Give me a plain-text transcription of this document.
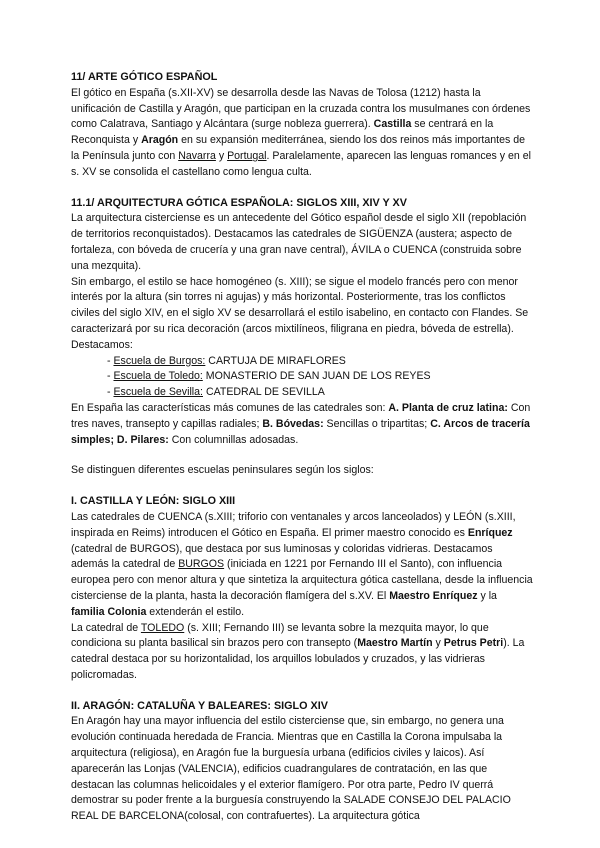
11/ ARTE GÓTICO ESPAÑOL

El gótico en España (s.XII-XV) se desarrolla desde las Navas de Tolosa (1212) hasta la unificación de Castilla y Aragón, que participan en la cruzada contra los musulmanes con órdenes como Calatrava, Santiago y Alcántara (surge nobleza guerrera). Castilla se centrará en la Reconquista y Aragón en su expansión mediterránea, siendo los dos reinos más importantes de la Península junto con Navarra y Portugal. Paralelamente, aparecen las lenguas romances y en el s. XV se consolida el castellano como lengua culta.

11.1/ ARQUITECTURA GÓTICA ESPAÑOLA: SIGLOS XIII, XIV Y XV

La arquitectura cisterciense es un antecedente del Gótico español desde el siglo XII (repoblación de territorios reconquistados). Destacamos las catedrales de SIGÜENZA (austera; aspecto de fortaleza, con bóveda de crucería y una gran nave central), ÁVILA o CUENCA (construida sobre una mezquita).

Sin embargo, el estilo se hace homogéneo (s. XIII); se sigue el modelo francés pero con menor interés por la altura (sin torres ni agujas) y más horizontal. Posteriormente, tras los conflictos civiles del siglo XIV, en el siglo XV se desarrollará el estilo isabelino, en contacto con Flandes. Se caracterizará por su rica decoración (arcos mixtilíneos, filigrana en piedra, bóveda de estrella). Destacamos:

- Escuela de Burgos: CARTUJA DE MIRAFLORES
- Escuela de Toledo: MONASTERIO DE SAN JUAN DE LOS REYES
- Escuela de Sevilla: CATEDRAL DE SEVILLA

En España las características más comunes de las catedrales son: A. Planta de cruz latina: Con tres naves, transepto y capillas radiales; B. Bóvedas: Sencillas o tripartitas; C. Arcos de tracería simples; D. Pilares: Con columnillas adosadas.

Se distinguen diferentes escuelas peninsulares según los siglos:

I. CASTILLA Y LEÓN: SIGLO XIII

Las catedrales de CUENCA (s.XIII; triforio con ventanales y arcos lanceolados) y LEÓN (s.XIII, inspirada en Reims) introducen el Gótico en España. El primer maestro conocido es Enríquez (catedral de BURGOS), que destaca por sus luminosas y coloridas vidrieras. Destacamos además la catedral de BURGOS (iniciada en 1221 por Fernando III el Santo), con influencia europea pero con menor altura y que sintetiza la arquitectura gótica castellana, desde la influencia cisterciense de la planta, hasta la decoración flamígera del s.XV. El Maestro Enríquez y la familia Colonia extenderán el estilo.

La catedral de TOLEDO (s. XIII; Fernando III) se levanta sobre la mezquita mayor, lo que condiciona su planta basilical sin brazos pero con transepto (Maestro Martín y Petrus Petri). La catedral destaca por su horizontalidad, los arquillos lobulados y cruzados, y las vidrieras policromadas.

II. ARAGÓN: CATALUÑA Y BALEARES: SIGLO XIV

En Aragón hay una mayor influencia del estilo cisterciense que, sin embargo, no genera una evolución continuada heredada de Francia. Mientras que en Castilla la Corona impulsaba la arquitectura (religiosa), en Aragón fue la burguesía urbana (edificios civiles y laicos). Así aparecerán las Lonjas (VALENCIA), edificios cuadrangulares de contratación, en las que destacan las columnas helicoidales y el exterior flamígero. Por otra parte, Pedro IV querrá demostrar su poder frente a la burguesía construyendo la SALADE CONSEJO DEL PALACIO REAL DE BARCELONA(colosal, con contrafuertes). La arquitectura gótica
